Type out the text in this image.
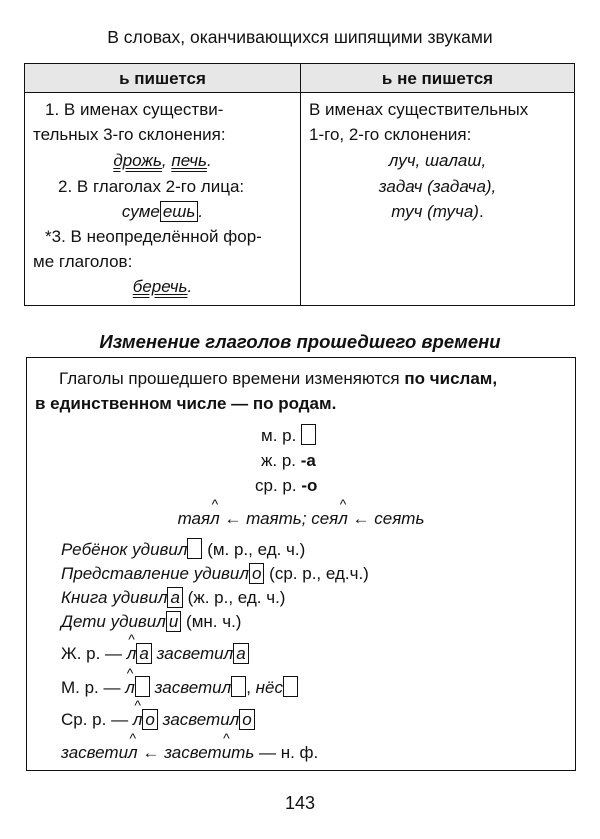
В словах, оканчивающихся шипящими звуками
ь пишется	ь не пишется
1. В именах существи-
тельных 3-го склонения:
дрожь, печь.
2. В глаголах 2-го лица:
суме ешь .
*3. В неопределённой фор-
ме глаголов:
беречь.
В именах существительных
1-го, 2-го склонения:
луч, шалаш,
задач (задача),
туч (туча).
Изменение глаголов прошедшего времени
Глаголы прошедшего времени изменяются по числам,
в единственном числе — по родам.
м. р.
ж. р. -а
ср. р. -о
тая^ л ← таять; сея^ л ← сеять
Ребёнок удивил (м. р., ед. ч.)
Представление удивил о (ср. р., ед.ч.)
Книга удивил а (ж. р., ед. ч.)
Дети удивил и (мн. ч.)
Ж. р. — ^ л а засветил а
М. р. — ^ л засветил , нёс
Ср. р. — ^ л о засветил о
засвети^ л ← засвет^ ить — н. ф.
143
